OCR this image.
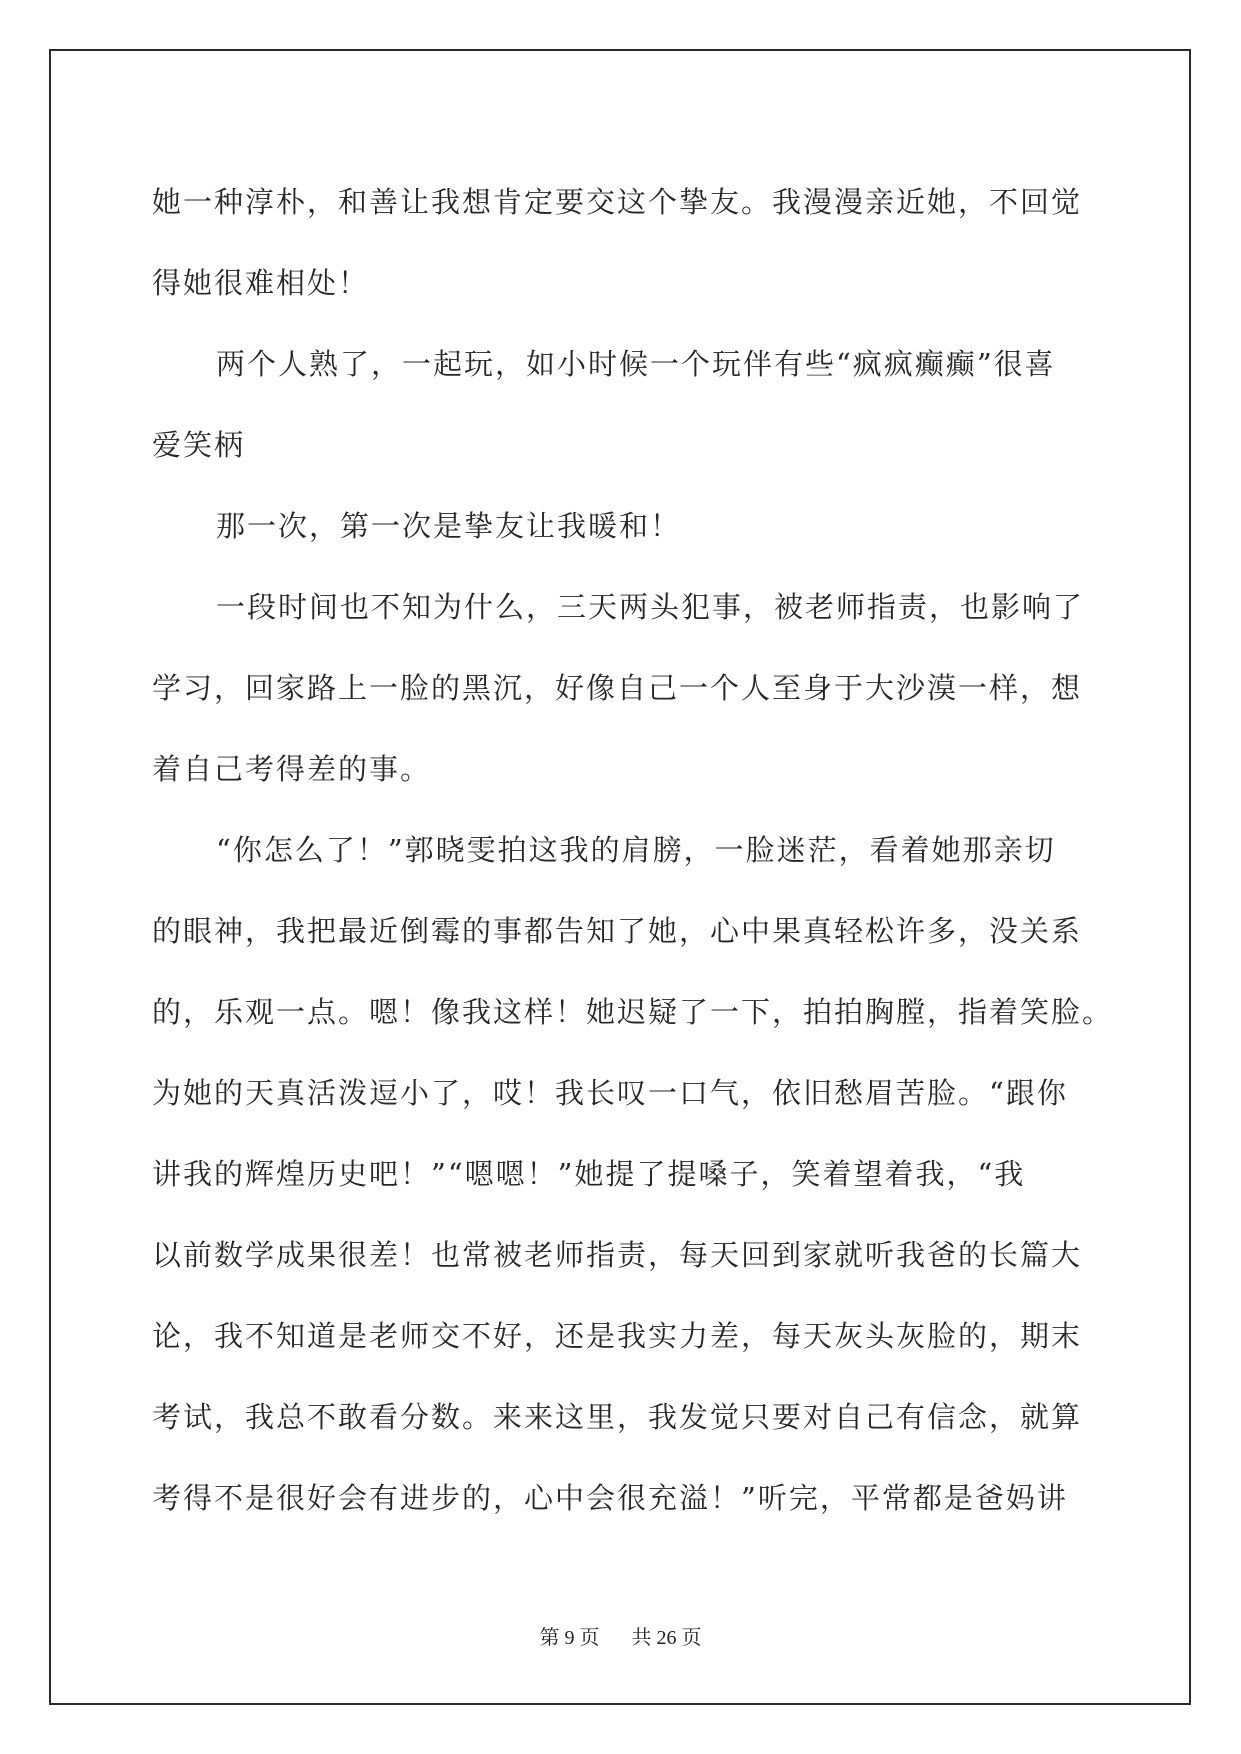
她一种淳朴，和善让我想肯定要交这个挚友。我漫漫亲近她，不回觉
得她很难相处！
两个人熟了，一起玩，如小时候一个玩伴有些“疯疯癫癫”很喜
爱笑柄
那一次，第一次是挚友让我暖和！
一段时间也不知为什么，三天两头犯事，被老师指责，也影响了
学习，回家路上一脸的黑沉，好像自己一个人至身于大沙漠一样，想
着自己考得差的事。
“你怎么了！”郭晓雯拍这我的肩膀，一脸迷茫，看着她那亲切
的眼神，我把最近倒霉的事都告知了她，心中果真轻松许多，没关系
的，乐观一点。嗯！像我这样！她迟疑了一下，拍拍胸膛，指着笑脸。
为她的天真活泼逗小了，哎！我长叹一口气，依旧愁眉苦脸。“跟你
讲我的辉煌历史吧！”“嗯嗯！”她提了提嗓子，笑着望着我，“我
以前数学成果很差！也常被老师指责，每天回到家就听我爸的长篇大
论，我不知道是老师交不好，还是我实力差，每天灰头灰脸的，期末
考试，我总不敢看分数。来来这里，我发觉只要对自己有信念，就算
考得不是很好会有进步的，心中会很充溢！”听完，平常都是爸妈讲
第 9 页 共 26 页
